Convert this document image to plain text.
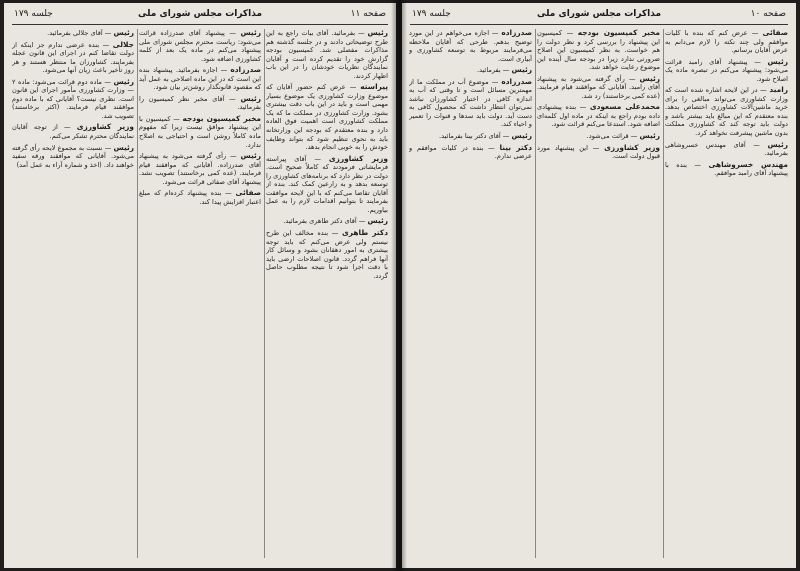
صفحه ۱۱
مذاکرات مجلس شورای ملی
جلسه ۱۷۹

رئیس — بفرمائید. آقای بیات راجع به این طرح توضیحاتی دادند و در جلسه گذشته هم مذاکرات مفصلی شد. کمیسیون بودجه گزارش خود را تقدیم کرده است و آقایان نمایندگان نظریات خودشان را در این باب اظهار کردند.

پیراسته — عرض کنم حضور آقایان که موضوع وزارت کشاورزی یک موضوع بسیار مهمی است و باید در این باب دقت بیشتری بشود. وزارت کشاورزی در مملکت ما که یک مملکت کشاورزی است اهمیت فوق العاده دارد و بنده معتقدم که بودجه این وزارتخانه باید به نحوی تنظیم شود که بتواند وظایف خودش را به خوبی انجام بدهد.

وزیر کشاورزی — آقای پیراسته فرمایشاتی فرمودند که کاملاً صحیح است. دولت در نظر دارد که برنامه‌های کشاورزی را توسعه بدهد و به زارعین کمک کند. بنده از آقایان تقاضا می‌کنم که با این لایحه موافقت بفرمایند تا بتوانیم اقدامات لازم را به عمل بیاوریم.

رئیس — آقای دکتر طاهری بفرمائید.

دکتر طاهری — بنده مخالف این طرح نیستم ولی عرض می‌کنم که باید توجه بیشتری به امور دهقانان بشود و وسائل کار آنها فراهم گردد. قانون اصلاحات ارضی باید با دقت اجرا شود تا نتیجه مطلوب حاصل گردد.

رئیس — پیشنهاد آقای صدرزاده قرائت می‌شود: ریاست محترم مجلس شورای ملی پیشنهاد می‌کنم در ماده یک بعد از کلمه کشاورزی اضافه شود.

صدرزاده — اجازه بفرمائید. پیشنهاد بنده این است که در این ماده اصلاحی به عمل آید که مقصود قانونگذار روشن‌تر بیان شود.

رئیس — آقای مخبر نظر کمیسیون را بفرمائید.

مخبر کمیسیون بودجه — کمیسیون با این پیشنهاد موافق نیست زیرا که مفهوم ماده کاملاً روشن است و احتیاجی به اصلاح ندارد.

رئیس — رأی گرفته می‌شود به پیشنهاد آقای صدرزاده. آقایانی که موافقند قیام فرمایند. (عده کمی برخاستند) تصویب نشد. پیشنهاد آقای صفائی قرائت می‌شود.

صفائی — بنده پیشنهاد کرده‌ام که مبلغ اعتبار افزایش پیدا کند.

رئیس — آقای جلالی بفرمائید.

جلالی — بنده عرضی ندارم جز اینکه از دولت تقاضا کنم در اجرای این قانون عجله بفرمایند. کشاورزان ما منتظر هستند و هر روز تأخیر باعث زیان آنها می‌شود.

رئیس — ماده دوم قرائت می‌شود: ماده ۲ — وزارت کشاورزی مأمور اجرای این قانون است. نظری نیست؟ آقایانی که با ماده دوم موافقند قیام فرمایند. (اکثر برخاستند) تصویب شد.

وزیر کشاورزی — از توجه آقایان نمایندگان محترم تشکر می‌کنم.

رئیس — نسبت به مجموع لایحه رأی گرفته می‌شود. آقایانی که موافقند ورقه سفید خواهند داد. (اخذ و شماره آراء به عمل آمد)

صفحه ۱۰
مذاکرات مجلس شورای ملی
جلسه ۱۷۹

صفائی — عرض کنم که بنده با کلیات موافقم ولی چند نکته را لازم می‌دانم به عرض آقایان برسانم.

رئیس — پیشنهاد آقای رامبد قرائت می‌شود: پیشنهاد می‌کنم در تبصره ماده یک اصلاح شود.

رامبد — در این لایحه اشاره شده است که وزارت کشاورزی می‌تواند مبالغی را برای خرید ماشین‌آلات کشاورزی اختصاص بدهد. بنده معتقدم که این مبالغ باید بیشتر باشد و دولت باید توجه کند که کشاورزی مملکت بدون ماشین پیشرفت نخواهد کرد.

رئیس — آقای مهندس خسروشاهی بفرمائید.

مهندس خسروشاهی — بنده با پیشنهاد آقای رامبد موافقم.

مخبر کمیسیون بودجه — کمیسیون این پیشنهاد را بررسی کرد و نظر دولت را هم خواست. به نظر کمیسیون این اصلاح ضرورتی ندارد زیرا در بودجه سال آینده این موضوع رعایت خواهد شد.

رئیس — رأی گرفته می‌شود به پیشنهاد آقای رامبد. آقایانی که موافقند قیام فرمایند. (عده کمی برخاستند) رد شد.

محمدعلی مسعودی — بنده پیشنهادی داده بودم راجع به اینکه در ماده اول کلمه‌ای اضافه شود. استدعا می‌کنم قرائت شود.

رئیس — قرائت می‌شود.

وزیر کشاورزی — این پیشنهاد مورد قبول دولت است.

صدرزاده — اجازه می‌خواهم در این مورد توضیح بدهم. طرحی که آقایان ملاحظه می‌فرمایند مربوط به توسعه کشاورزی و آبیاری است.

رئیس — بفرمائید.

صدرزاده — موضوع آب در مملکت ما از مهمترین مسائل است و تا وقتی که آب به اندازه کافی در اختیار کشاورزان نباشد نمی‌توان انتظار داشت که محصول کافی به دست آید. دولت باید سدها و قنوات را تعمیر و احیاء کند.

رئیس — آقای دکتر بینا بفرمائید.

دکتر بینا — بنده در کلیات موافقم و عرضی ندارم.
